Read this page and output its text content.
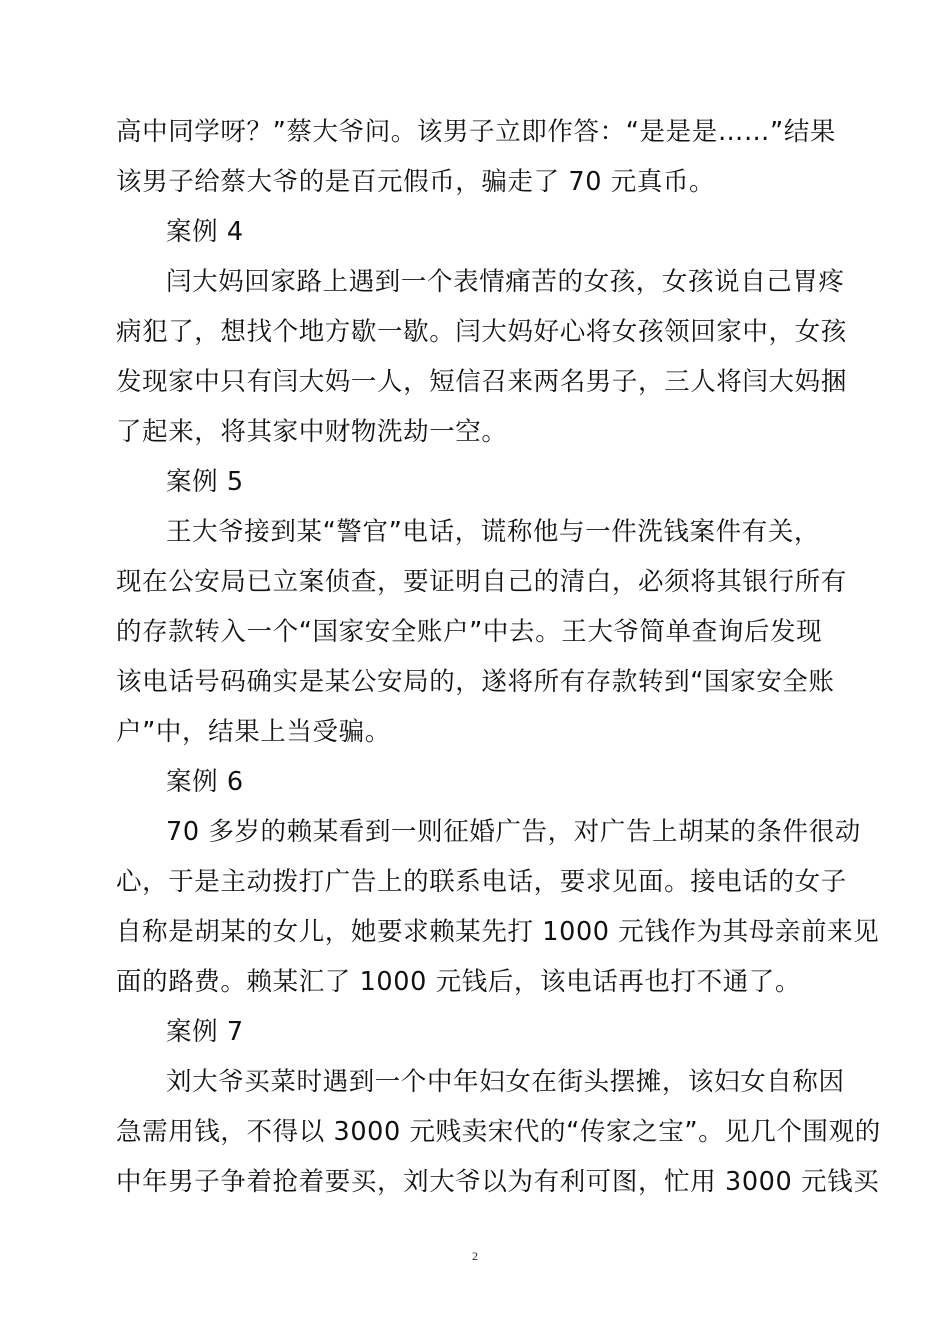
高中同学呀？”蔡大爷问。该男子立即作答：“是是是……”结果
该男子给蔡大爷的是百元假币，骗走了 70 元真币。
案例 4
闫大妈回家路上遇到一个表情痛苦的女孩，女孩说自己胃疼
病犯了，想找个地方歇一歇。闫大妈好心将女孩领回家中，女孩
发现家中只有闫大妈一人，短信召来两名男子，三人将闫大妈捆
了起来，将其家中财物洗劫一空。
案例 5
王大爷接到某“警官”电话，谎称他与一件洗钱案件有关，
现在公安局已立案侦查，要证明自己的清白，必须将其银行所有
的存款转入一个“国家安全账户”中去。王大爷简单查询后发现
该电话号码确实是某公安局的，遂将所有存款转到“国家安全账
户”中，结果上当受骗。
案例 6
70 多岁的赖某看到一则征婚广告，对广告上胡某的条件很动
心，于是主动拨打广告上的联系电话，要求见面。接电话的女子
自称是胡某的女儿，她要求赖某先打 1000 元钱作为其母亲前来见
面的路费。赖某汇了 1000 元钱后，该电话再也打不通了。
案例 7
刘大爷买菜时遇到一个中年妇女在街头摆摊，该妇女自称因
急需用钱，不得以 3000 元贱卖宋代的“传家之宝”。见几个围观的
中年男子争着抢着要买，刘大爷以为有利可图，忙用 3000 元钱买
2
